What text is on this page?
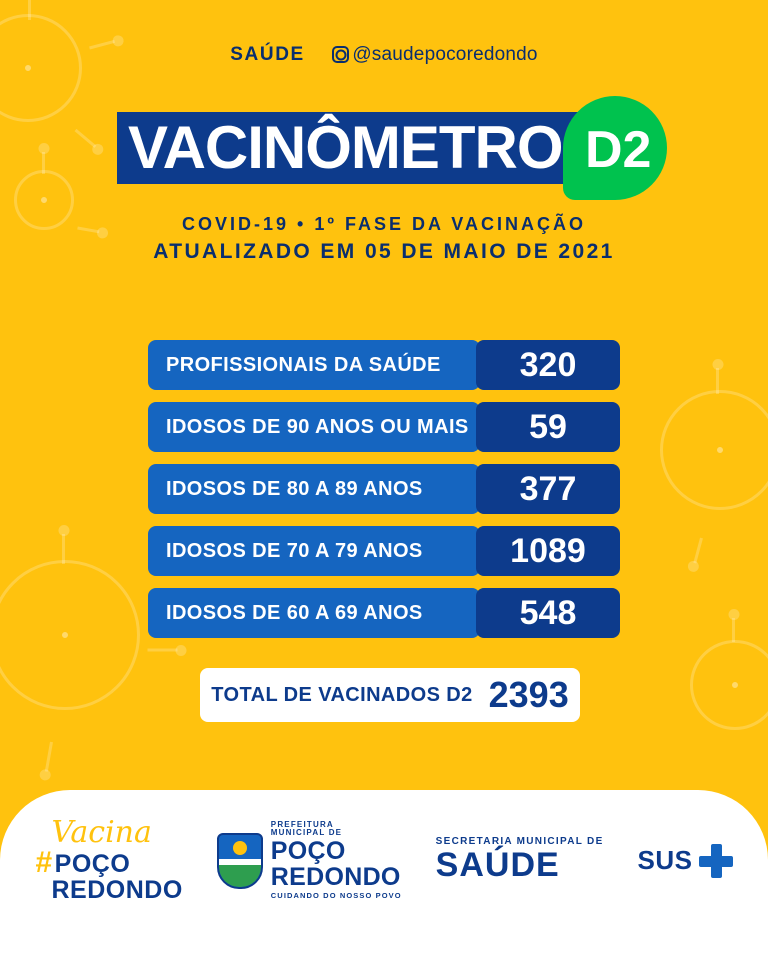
SAÚDE	@saudepocoredondo
VACINÔMETRO D2
COVID-19 • 1º FASE DA VACINAÇÃO
ATUALIZADO EM 05 DE MAIO DE 2021
PROFISSIONAIS DA SAÚDE	320
IDOSOS DE 90 ANOS OU MAIS	59
IDOSOS DE 80 A 89 ANOS	377
IDOSOS DE 70 A 79 ANOS	1089
IDOSOS DE 60 A 69 ANOS	548
TOTAL DE VACINADOS D2 2393
Vacina
#POÇO
REDONDO
PREFEITURA
MUNICIPAL DE
POÇO
REDONDO
CUIDANDO DO NOSSO POVO
SECRETARIA MUNICIPAL DE
SAÚDE	SUS
